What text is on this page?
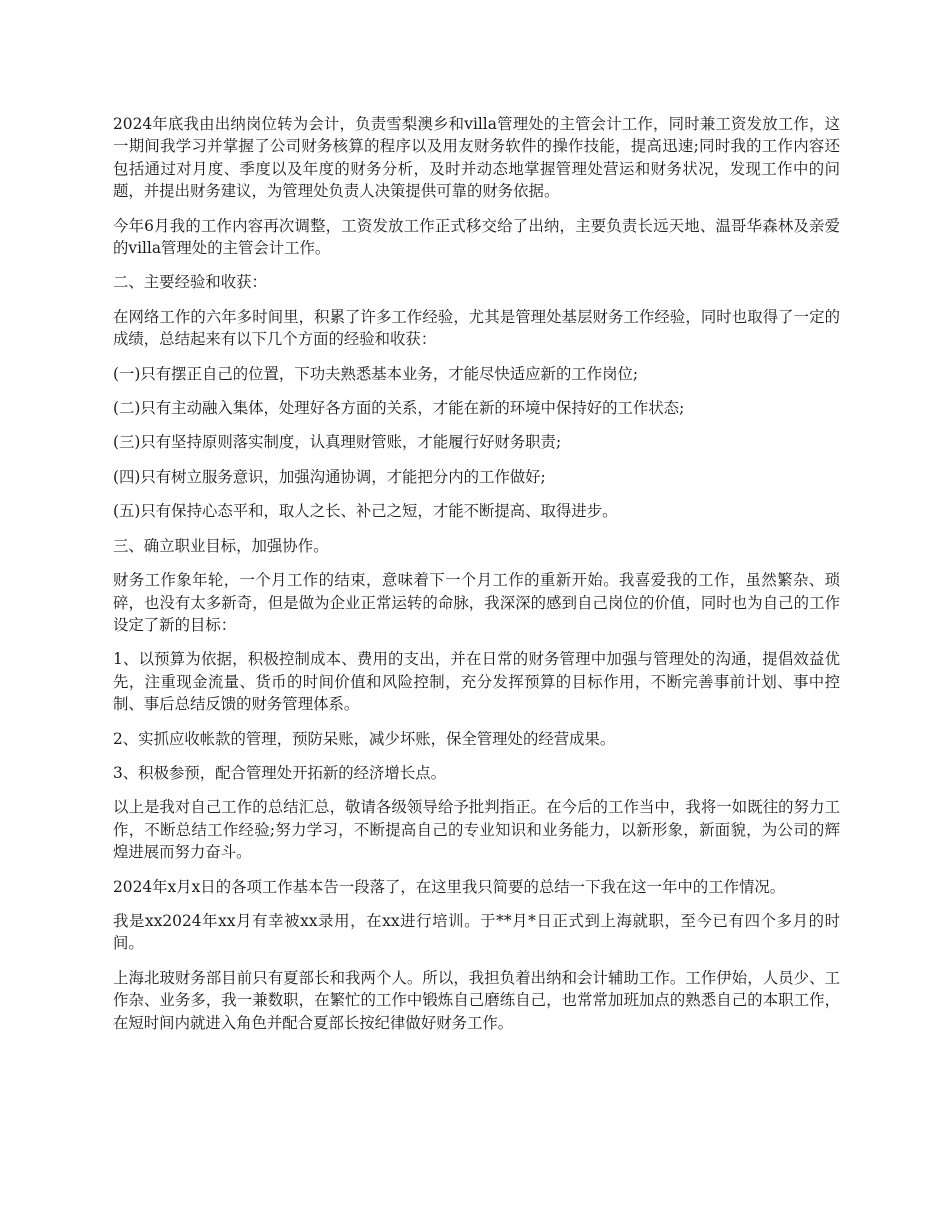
2024年底我由出纳岗位转为会计，负责雪梨澳乡和villa管理处的主管会计工作，同时兼工资发放工作，这一期间我学习并掌握了公司财务核算的程序以及用友财务软件的操作技能，提高迅速;同时我的工作内容还包括通过对月度、季度以及年度的财务分析，及时并动态地掌握管理处营运和财务状况，发现工作中的问题，并提出财务建议，为管理处负责人决策提供可靠的财务依据。

今年6月我的工作内容再次调整，工资发放工作正式移交给了出纳，主要负责长远天地、温哥华森林及亲爱的villa管理处的主管会计工作。

二、主要经验和收获：

在网络工作的六年多时间里，积累了许多工作经验，尤其是管理处基层财务工作经验，同时也取得了一定的成绩，总结起来有以下几个方面的经验和收获：

(一)只有摆正自己的位置，下功夫熟悉基本业务，才能尽快适应新的工作岗位;

(二)只有主动融入集体，处理好各方面的关系，才能在新的环境中保持好的工作状态;

(三)只有坚持原则落实制度，认真理财管账，才能履行好财务职责;

(四)只有树立服务意识，加强沟通协调，才能把分内的工作做好;

(五)只有保持心态平和，取人之长、补己之短，才能不断提高、取得进步。

三、确立职业目标，加强协作。

财务工作象年轮，一个月工作的结束，意味着下一个月工作的重新开始。我喜爱我的工作，虽然繁杂、琐碎，也没有太多新奇，但是做为企业正常运转的命脉，我深深的感到自己岗位的价值，同时也为自己的工作设定了新的目标：

1、以预算为依据，积极控制成本、费用的支出，并在日常的财务管理中加强与管理处的沟通，提倡效益优先，注重现金流量、货币的时间价值和风险控制，充分发挥预算的目标作用，不断完善事前计划、事中控制、事后总结反馈的财务管理体系。

2、实抓应收帐款的管理，预防呆账，减少坏账，保全管理处的经营成果。

3、积极参预，配合管理处开拓新的经济增长点。

以上是我对自己工作的总结汇总，敬请各级领导给予批判指正。在今后的工作当中，我将一如既往的努力工作，不断总结工作经验;努力学习，不断提高自己的专业知识和业务能力，以新形象，新面貌，为公司的辉煌进展而努力奋斗。

2024年x月x日的各项工作基本告一段落了，在这里我只简要的总结一下我在这一年中的工作情况。

我是xx2024年xx月有幸被xx录用，在xx进行培训。于**月*日正式到上海就职，至今已有四个多月的时间。

上海北玻财务部目前只有夏部长和我两个人。所以，我担负着出纳和会计辅助工作。工作伊始，人员少、工作杂、业务多，我一兼数职，在繁忙的工作中锻炼自己磨练自己，也常常加班加点的熟悉自己的本职工作，在短时间内就进入角色并配合夏部长按纪律做好财务工作。
